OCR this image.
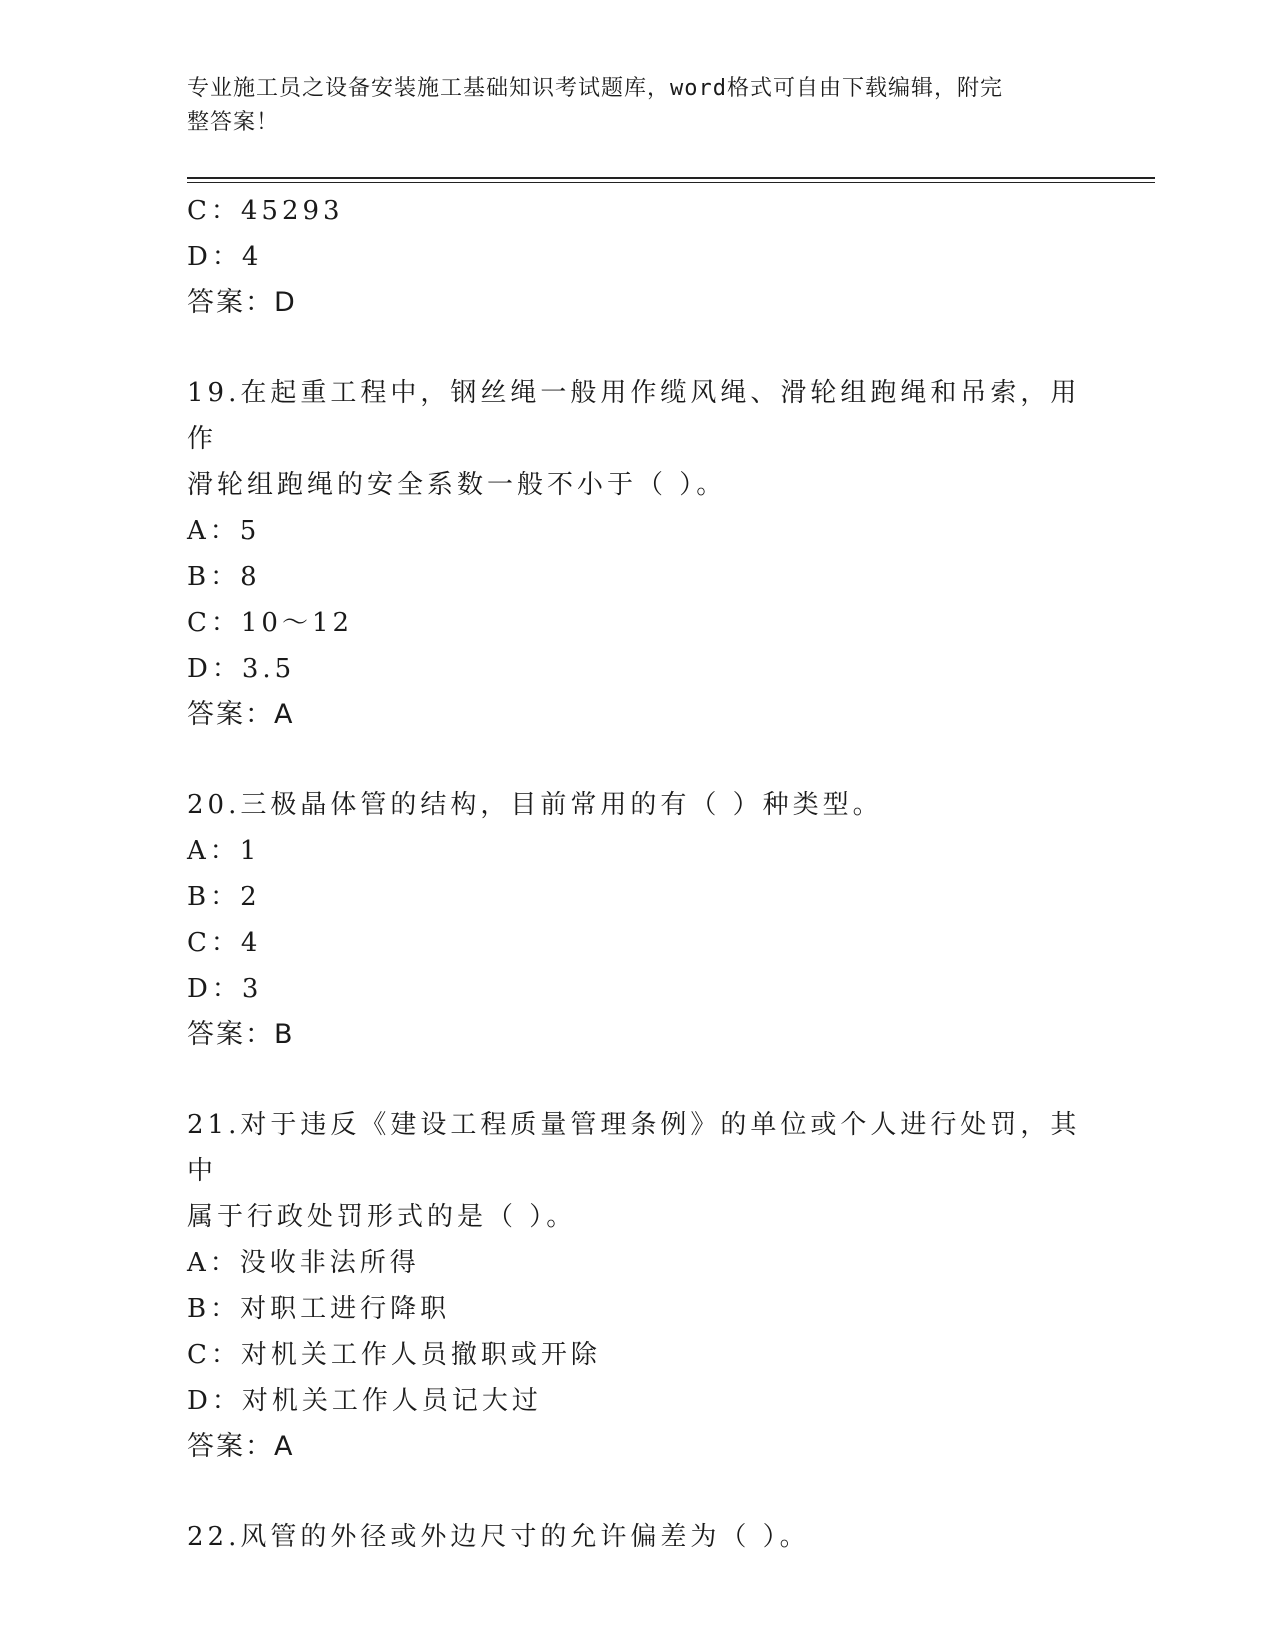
专业施工员之设备安装施工基础知识考试题库，word格式可自由下载编辑，附完
整答案！
C：45293
D：4
答案：D
19.在起重工程中，钢丝绳一般用作缆风绳、滑轮组跑绳和吊索，用作
滑轮组跑绳的安全系数一般不小于（ ）。
A：5
B：8
C：10～12
D：3.5
答案：A
20.三极晶体管的结构，目前常用的有（ ）种类型。
A：1
B：2
C：4
D：3
答案：B
21.对于违反《建设工程质量管理条例》的单位或个人进行处罚，其中
属于行政处罚形式的是（ ）。
A：没收非法所得
B：对职工进行降职
C：对机关工作人员撤职或开除
D：对机关工作人员记大过
答案：A
22.风管的外径或外边尺寸的允许偏差为（ ）。
